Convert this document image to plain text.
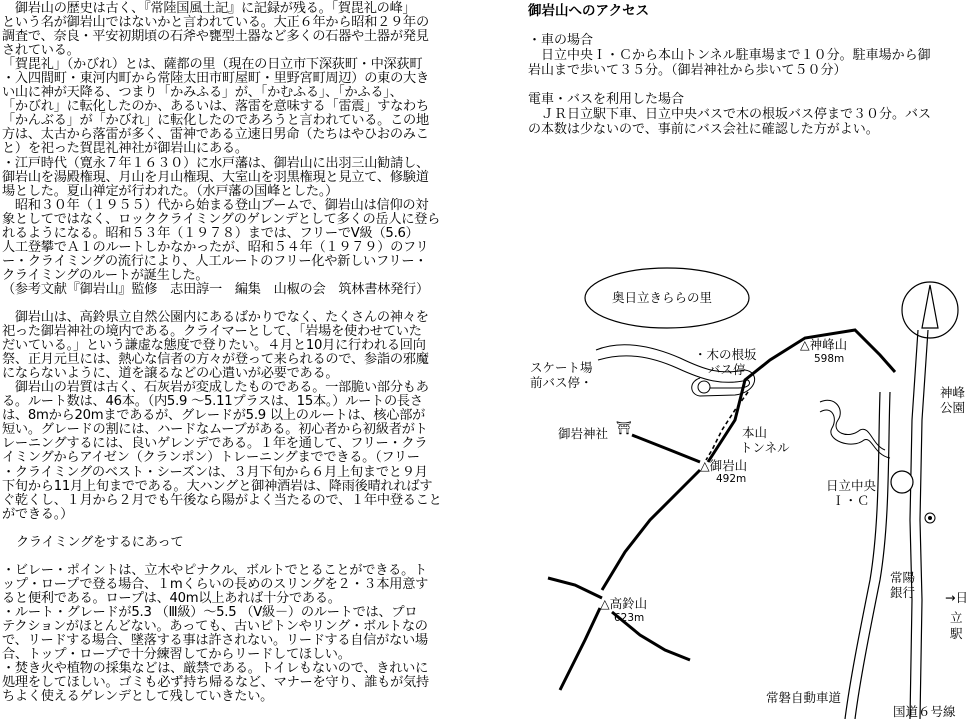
　御岩山の歴史は古く、『常陸国風土記』に記録が残る。「賀毘礼の峰」

という名が御岩山ではないかと言われている。大正６年から昭和２９年の

調査で、奈良・平安初期頃の石斧や甕型土器など多くの石器や土器が発見

されている。

「賀毘礼」（かびれ）とは、薩都の里（現在の日立市下深荻町・中深荻町

・入四間町・東河内町から常陸太田市町屋町・里野宮町周辺）の東の大き

い山に神が天降る、つまり「かみふる」が、「かむふる」、「かふる」、

「かびれ」に転化したのか、あるいは、落雷を意味する「雷震」すなわち

「かんぶる」が「かびれ」に転化したのであろうと言われている。この地

方は、太古から落雷が多く、雷神である立速日男命（たちはやひおのみこ

と）を祀った賀毘礼神社が御岩山にある。

・江戸時代（寛永７年１６３０）に水戸藩は、御岩山に出羽三山勧請し、

御岩山を湯殿権現、月山を月山権現、大室山を羽黒権現と見立て、修験道

場とした。夏山禅定が行われた。（水戸藩の国峰とした。）

　昭和３０年（１９５５）代から始まる登山ブームで、御岩山は信仰の対

象としてではなく、ロッククライミングのゲレンデとして多くの岳人に登ら

れるようになる。昭和５３年（１９７８）までは、フリーでⅤ級（5.6）

人工登攀でＡ１のルートしかなかったが、昭和５４年（１９７９）のフリ

ー・クライミングの流行により、人工ルートのフリー化や新しいフリー・

クライミングのルートが誕生した。

（参考文献『御岩山』監修　志田諄一　編集　山椒の会　筑林書林発行）

　御岩山は、高鈴県立自然公園内にあるばかりでなく、たくさんの神々を

祀った御岩神社の境内である。クライマーとして、「岩場を使わせていた

だいている。」という謙虚な態度で登りたい。４月と10月に行われる回向

祭、正月元旦には、熱心な信者の方々が登って来られるので、参詣の邪魔

にならないように、道を譲るなどの心遣いが必要である。

　御岩山の岩質は古く、石灰岩が変成したものである。一部脆い部分もあ

る。ルート数は、46本。（内5.9 ～5.11プラスは、15本。）ルートの長さ

は、8mから20mまであるが、グレードが5.9 以上のルートは、核心部が

短い。グレードの割には、ハードなムーブがある。初心者から初級者がト

レーニングするには、良いゲレンデである。１年を通して、フリー・クラ

イミングからアイゼン（クランポン）トレーニングまでできる。（フリー

・クライミングのベスト・シーズンは、３月下旬から６月上旬までと９月

下旬から11月上旬までである。大ハングと御神酒岩は、降雨後晴れればす

ぐ乾くし、１月から２月でも午後なら陽がよく当たるので、１年中登ること

ができる。）

クライミングをするにあって

・ビレー・ポイントは、立木やピナクル、ボルトでとることができる。ト

ップ・ロープで登る場合、１mくらいの長めのスリングを２・３本用意す

ると便利である。ロープは、40m以上あれば十分である。

・ルート・グレードが5.3 （Ⅲ級）～5.5 （Ⅴ級－）のルートでは、プロ

テクションがほとんどない。あっても、古いピトンやリング・ボルトなの

で、リードする場合、墜落する事は許されない。リードする自信がない場

合、トップ・ロープで十分練習してからリードしてほしい。

・焚き火や植物の採集などは、厳禁である。トイレもないので、きれいに

処理をしてほしい。ゴミも必ず持ち帰るなど、マナーを守り、誰もが気持

ちよく使えるゲレンデとして残していきたい。

御岩山へのアクセス

・車の場合

　日立中央Ｉ・Ｃから本山トンネル駐車場まで１０分。駐車場から御

岩山まで歩いて３５分。（御岩神社から歩いて５０分）

電車・バスを利用した場合

　ＪＲ日立駅下車、日立中央バスで木の根坂バス停まで３０分。バス

の本数は少ないので、事前にバス会社に確認した方がよい。

奥日立きららの里
・木の根坂
バス停
スケート場
前バス停・
御岩神社 ⛩	本山
トンネル
△神峰山
598m
△御岩山
492m
△高鈴山
623m
日立中央
Ｉ・Ｃ
神峰
公園
常陽
銀行 →日
立
駅
常磐自動車道
国道６号線
